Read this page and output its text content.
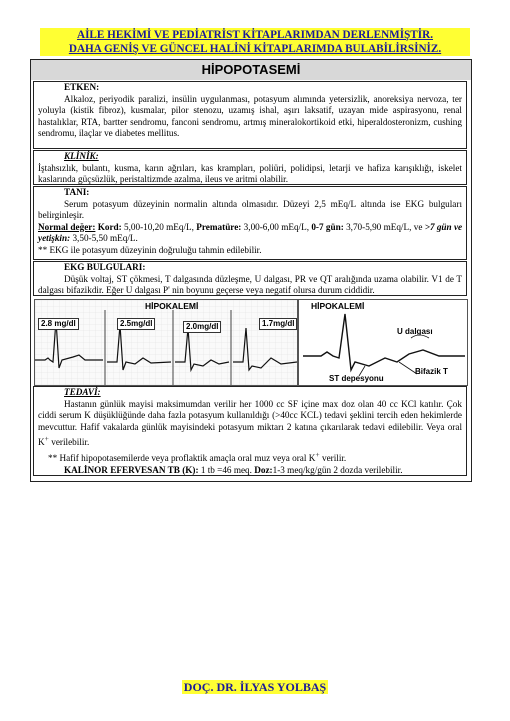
AİLE HEKİMİ VE PEDİATRİST KİTAPLARIMDAN DERLENMİŞTİR.
DAHA GENİŞ VE GÜNCEL HALİNİ KİTAPLARIMDA BULABİLİRSİNİZ.
HİPOPOTASEMİ

ETKEN:

Alkaloz, periyodik paralizi, insülin uygulanması, potasyum alımında yetersizlik, anoreksiya nervoza, ter yoluyla (kistik fibroz), kusmalar, pilor stenozu, uzamış ishal, aşırı laksatif, uzayan mide aspirasyonu, renal hastalıklar, RTA, bartter sendromu, fanconi sendromu, artmış mineralokortikoid etki, hiperaldosteronizm, cushing sendromu, ilaçlar ve diabetes mellitus.

KLİNİK:

İştahsızlık, bulantı, kusma, karın ağrıları, kas krampları, poliüri, polidipsi, letarji ve hafiza karışıklığı, iskelet kaslarında güçsüzlük, peristaltizmde azalma, ileus ve aritmi olabilir.

TANI:

Serum potasyum düzeyinin normalin altında olmasıdır. Düzeyi 2,5 mEq/L altında ise EKG bulguları belirginleşir.

Normal değer: Kord: 5,00-10,20 mEq/L, Prematüre: 3,00-6,00 mEq/L, 0-7 gün: 3,70-5,90 mEq/L, ve >7 gün ve yetişkin: 3,50-5,50 mEq/L.

** EKG ile potasyum düzeyinin doğruluğu tahmin edilebilir.

EKG BULGULARI:

Düşük voltaj, ST çökmesi, T dalgasında düzleşme, U dalgası, PR ve QT aralığında uzama olabilir. V1 de T dalgası bifazikdir. Eğer U dalgası P' nin boyunu geçerse veya negatif olursa durum ciddidir.

HİPOKALEMİ
2.8 mg/dl	2.5mg/dl	2.0mg/dl	1.7mg/dl
HİPOKALEMİ
U dalgası
Bifazik T
ST depesyonu

TEDAVİ:

Hastanın günlük mayisi maksimumdan verilir her 1000 cc SF içine max doz olan 40 cc KCl katılır. Çok ciddi serum K düşüklüğünde daha fazla potasyum kullanıldığı (>40cc KCL) tedavi şeklini tercih eden hekimlerde mevcuttur. Hafif vakalarda günlük mayisindeki potasyum miktarı 2 katına çıkarılarak tedavi edilebilir. Veya oral K+ verilebilir.

** Hafif hipopotasemilerde veya proflaktik amaçla oral muz veya oral K+ verilir.

KALİNOR EFERVESAN TB (K): 1 tb =46 meq. Doz:1-3 meq/kg/gün 2 dozda verilebilir.

DOÇ. DR. İLYAS YOLBAŞ
